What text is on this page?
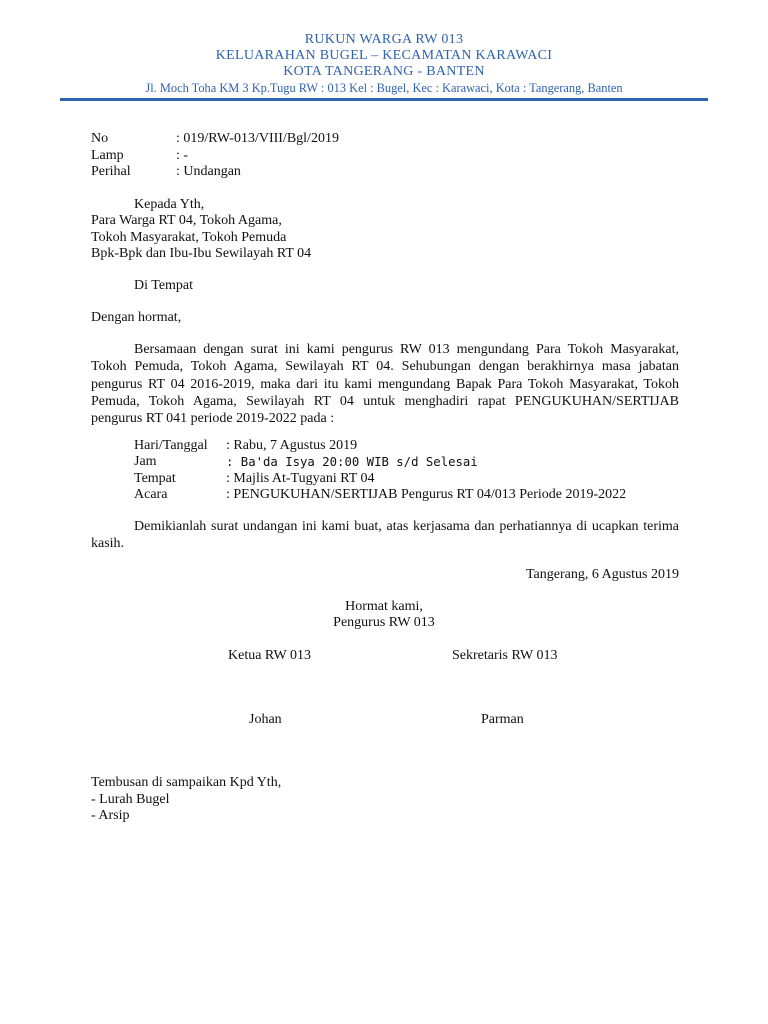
RUKUN WARGA RW 013
KELUARAHAN BUGEL – KECAMATAN KARAWACI
KOTA TANGERANG - BANTEN
Jl. Moch Toha KM 3 Kp.Tugu RW : 013 Kel : Bugel, Kec : Karawaci, Kota : Tangerang, Banten
No	: 019/RW-013/VIII/Bgl/2019
Lamp	: -
Perihal	: Undangan
Kepada Yth,
Para Warga RT 04, Tokoh Agama,
Tokoh Masyarakat, Tokoh Pemuda
Bpk-Bpk dan Ibu-Ibu Sewilayah RT 04
Di Tempat
Dengan hormat,
Bersamaan dengan surat ini kami pengurus RW 013 mengundang Para Tokoh Masyarakat, Tokoh Pemuda, Tokoh Agama, Sewilayah RT 04. Sehubungan dengan berakhirnya masa jabatan pengurus RT 04 2016-2019, maka dari itu kami mengundang Bapak Para Tokoh Masyarakat, Tokoh Pemuda, Tokoh Agama, Sewilayah RT 04 untuk menghadiri rapat PENGUKUHAN/SERTIJAB pengurus RT 041 periode 2019-2022 pada :
Hari/Tanggal : Rabu, 7 Agustus 2019
Jam	: Ba'da Isya 20:00 WIB s/d Selesai
Tempat	: Majlis At-Tugyani RT 04
Acara	: PENGUKUHAN/SERTIJAB Pengurus RT 04/013 Periode 2019-2022
Demikianlah surat undangan ini kami buat, atas kerjasama dan perhatiannya di ucapkan terima kasih.
Tangerang, 6 Agustus 2019
Hormat kami,
Pengurus RW 013
Ketua RW 013	Sekretaris RW 013
Johan	Parman
Tembusan di sampaikan Kpd Yth,
- Lurah Bugel
- Arsip
